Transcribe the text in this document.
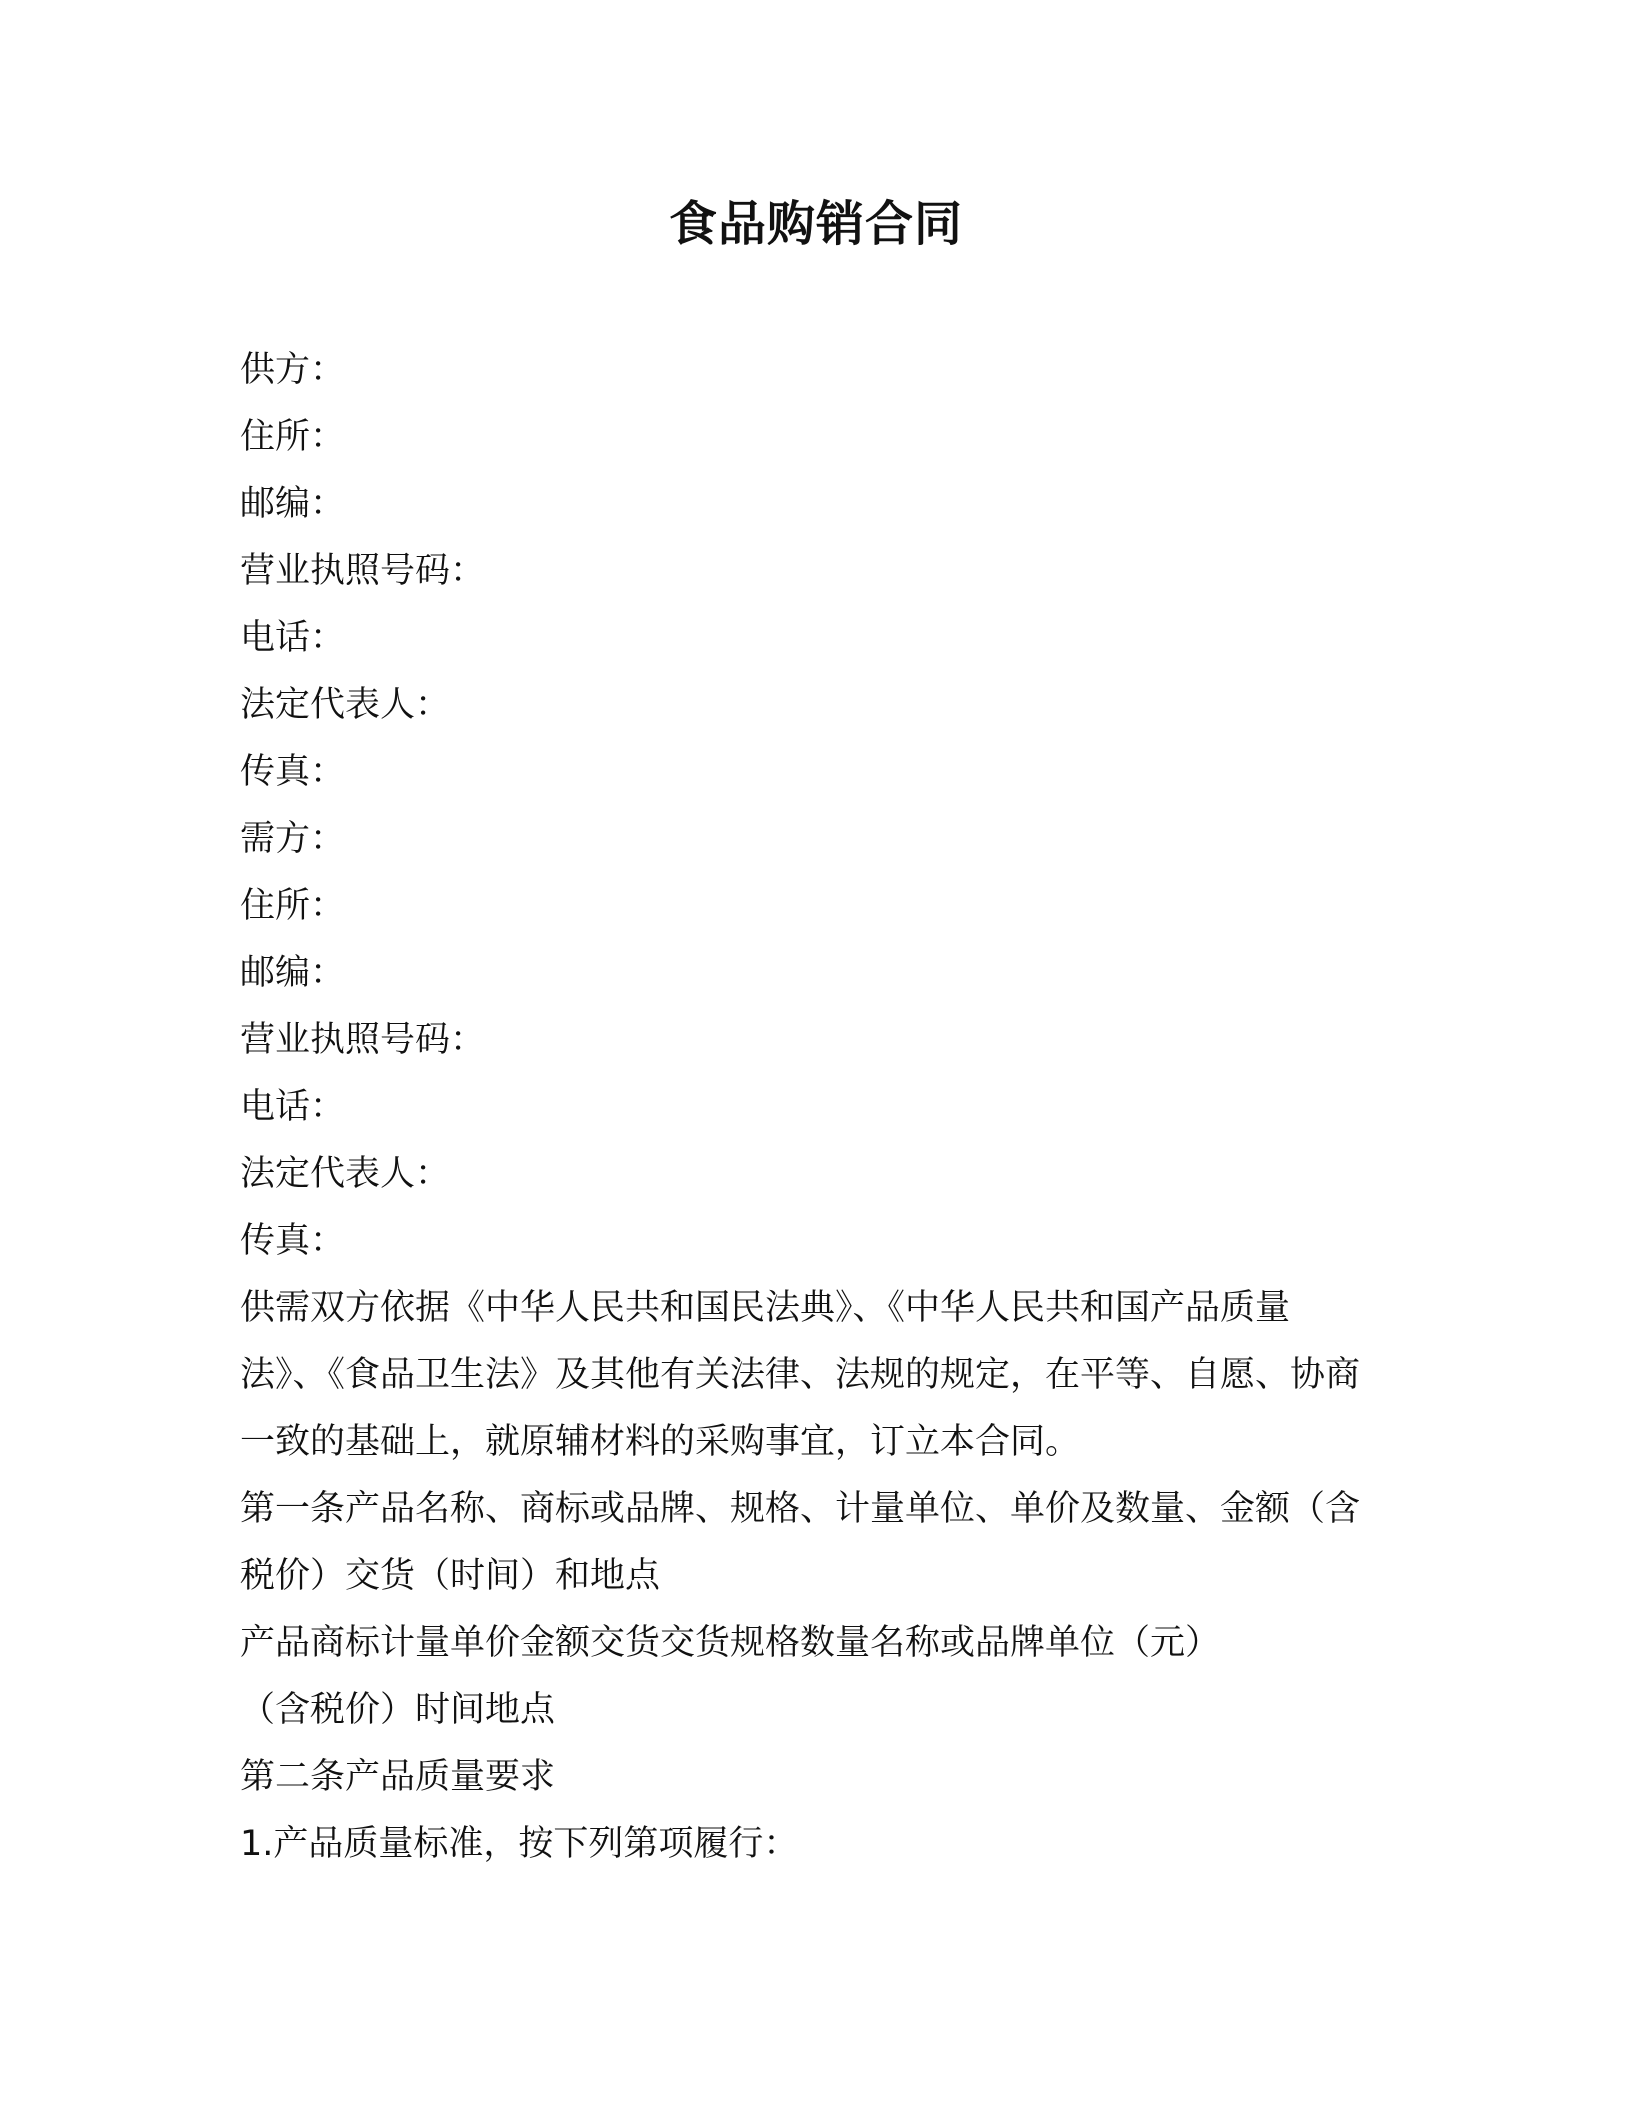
食品购销合同
供方：
住所：
邮编：
营业执照号码：
电话：
法定代表人：
传真：
需方：
住所：
邮编：
营业执照号码：
电话：
法定代表人：
传真：
供需双方依据《中华人民共和国民法典》、《中华人民共和国产品质量法》、《食品卫生法》及其他有关法律、法规的规定，在平等、自愿、协商一致的基础上，就原辅材料的采购事宜，订立本合同。
第一条产品名称、商标或品牌、规格、计量单位、单价及数量、金额（含税价）交货（时间）和地点
产品商标计量单价金额交货交货规格数量名称或品牌单位（元）
（含税价）时间地点
第二条产品质量要求
1.产品质量标准，按下列第项履行：
